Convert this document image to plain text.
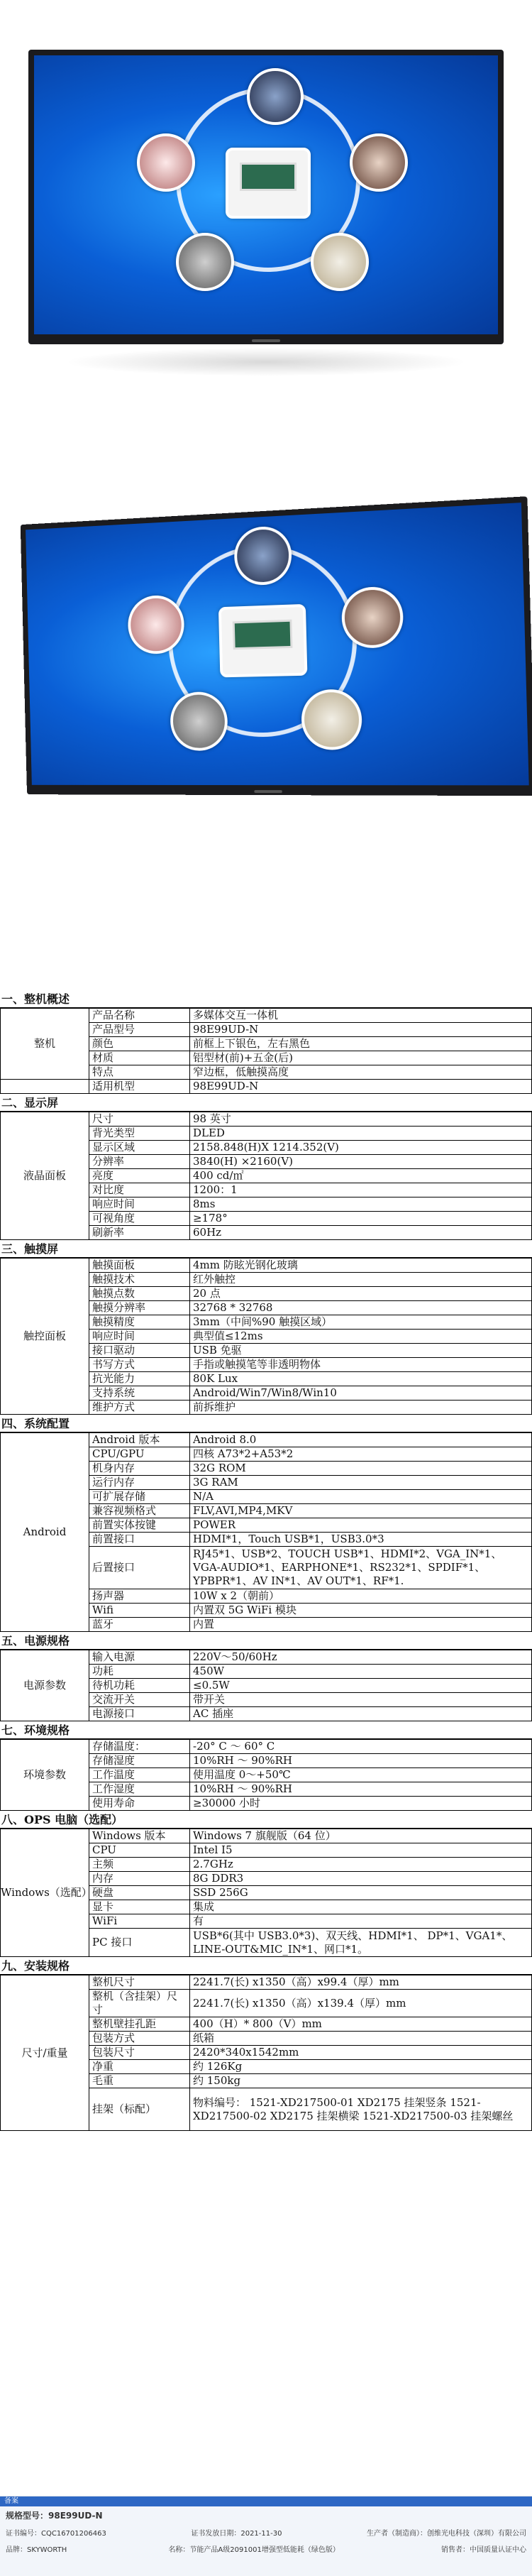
一、整机概述
整机	产品名称	多媒体交互一体机
	产品型号	98E99UD-N
	颜色	前框上下银色，左右黑色
	材质	铝型材(前)+五金(后)
	特点	窄边框，低触摸高度
	适用机型	98E99UD-N
二、显示屏
液晶面板	尺寸	98 英寸
	背光类型	DLED
	显示区域	2158.848(H)X 1214.352(V)
	分辨率	3840(H) ×2160(V)
	亮度	400 cd/㎡
	对比度	1200：1
	响应时间	8ms
	可视角度	≥178°
	刷新率	60Hz
三、触摸屏
触控面板	触摸面板	4mm 防眩光钢化玻璃
	触摸技术	红外触控
	触摸点数	20 点
	触摸分辨率	32768 * 32768
	触摸精度	3mm（中间%90 触摸区域）
	响应时间	典型值≤12ms
	接口驱动	USB 免驱
	书写方式	手指或触摸笔等非透明物体
	抗光能力	80K Lux
	支持系统	Android/Win7/Win8/Win10
	维护方式	前拆维护
四、系统配置
Android	Android 版本	Android 8.0
	CPU/GPU	四核 A73*2+A53*2
	机身内存	32G ROM
	运行内存	3G RAM
	可扩展存储	N/A
	兼容视频格式	FLV,AVI,MP4,MKV
	前置实体按键	POWER
	前置接口	HDMI*1，Touch USB*1，USB3.0*3
	后置接口	RJ45*1、USB*2、TOUCH USB*1、HDMI*2、VGA_IN*1、VGA-AUDIO*1、EARPHONE*1、RS232*1、SPDIF*1、YPBPR*1、AV IN*1、AV OUT*1、RF*1.
	扬声器	10W x 2（朝前）
	Wifi	内置双 5G WiFi 模块
	蓝牙	内置
五、电源规格
电源参数	输入电源	220V～50/60Hz
	功耗	450W
	待机功耗	≤0.5W
	交流开关	带开关
	电源接口	AC 插座
七、环境规格
环境参数	存储温度：	-20° C ～ 60° C
	存储湿度	10%RH ～ 90%RH
	工作温度	使用温度 0～+50℃
	工作湿度	10%RH ～ 90%RH
	使用寿命	≥30000 小时
八、OPS 电脑（选配）
Windows（选配）	Windows 版本	Windows 7 旗舰版（64 位）
	CPU	Intel I5
	主频	2.7GHz
	内存	8G DDR3
	硬盘	SSD 256G
	显卡	集成
	WiFi	有
	PC 接口	USB*6(其中 USB3.0*3)、双天线、HDMI*1、 DP*1、VGA1*、 LINE-OUT&MIC_IN*1、网口*1。
九、安装规格
尺寸/重量	整机尺寸	2241.7(长) x1350（高）x99.4（厚）mm
	整机（含挂架）尺寸	2241.7(长) x1350（高）x139.4（厚）mm
	整机壁挂孔距	400（H）* 800（V）mm
	包装方式	纸箱
	包装尺寸	2420*340x1542mm
	净重	约 126Kg
	毛重	约 150kg
	挂架（标配）	物料编号： 1521-XD217500-01 XD2175 挂架竖条 1521-XD217500-02 XD2175 挂架横梁 1521-XD217500-03 挂架螺丝
备案
规格型号：98E99UD-N
证书编号：CQC16701206463	证书发放日期：2021-11-30	生产者（制造商）：创维光电科技（深圳）有限公司
品牌：SKYWORTH	名称：节能产品A级2091001增强型低能耗（绿色版）	销售者：中国质量认证中心
